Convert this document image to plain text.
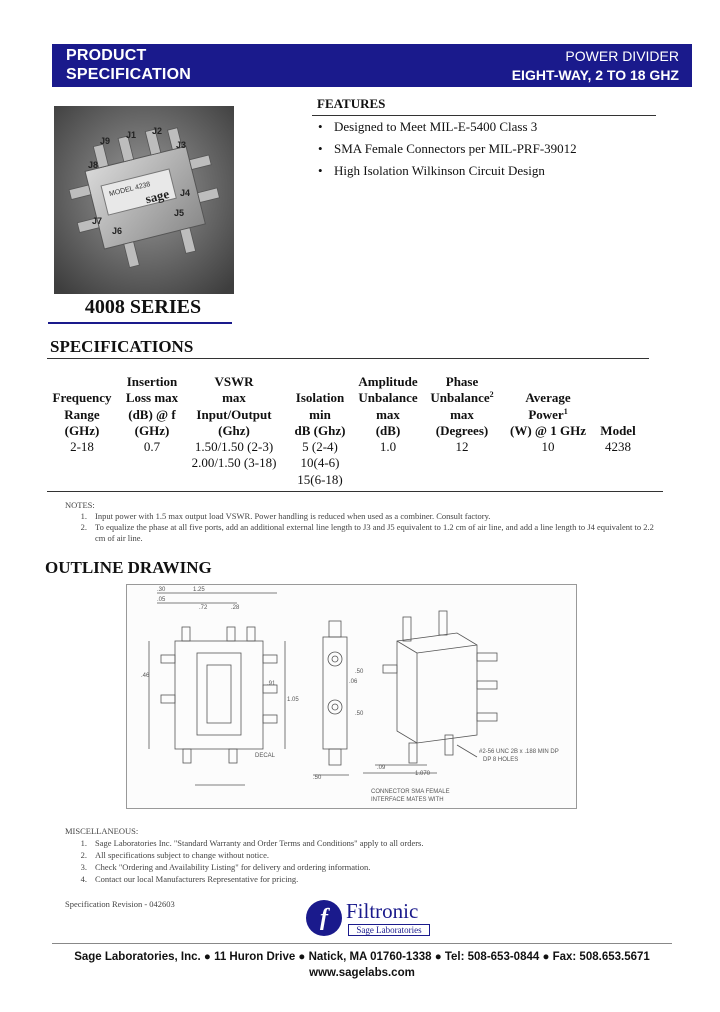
PRODUCT
SPECIFICATION
POWER DIVIDER
EIGHT-WAY, 2 TO 18 GHZ
J9
J1 J2
J3
J8
J4
J7
J6
J5
MODEL 4238
sage
4008 SERIES
FEATURES
• Designed to Meet MIL-E-5400 Class 3
• SMA Female Connectors per MIL-PRF-39012
• High Isolation Wilkinson Circuit Design
SPECIFICATIONS

Frequency
Range
(GHz)
2-18
Insertion
Loss max
(dB) @ f
(GHz)
0.7
VSWR
max
Input/Output
(Ghz)
1.50/1.50 (2-3)
2.00/1.50 (3-18)

Isolation
min
dB (Ghz)
5 (2-4)
10(4-6)
15(6-18)
Amplitude
Unbalance
max
(dB)
1.0
Phase
Unbalance$^2$
max
(Degrees)
12

Average
Power$^1$
(W) @ 1 GHz
10

Model
4238
NOTES:
1. Input power with 1.5 max output load VSWR. Power handling is reduced when used as a combiner. Consult factory.
2. To equalize the phase at all five ports, add an additional external line length to J3 and J5 equivalent to 1.2 cm of air line, and add a line length to J4 equivalent to 2.2 cm of air line.
OUTLINE DRAWING
.30	1.25
.05
.72	.28
.46
.91
1.05
.50
.06
.50
.50
.09
1.070
DECAL
#2-56 UNC 2B x .188 MIN DP
DP 8 HOLES
CONNECTOR SMA FEMALE
INTERFACE MATES WITH
MISCELLANEOUS:
1. Sage Laboratories Inc. "Standard Warranty and Order Terms and Conditions" apply to all orders.
2. All specifications subject to change without notice.
3. Check "Ordering and Availability Listing" for delivery and ordering information.
4. Contact our local Manufacturers Representative for pricing.
Specification Revision - 042603
f Filtronic
Sage Laboratories
Sage Laboratories, Inc. ● 11 Huron Drive ● Natick, MA 01760-1338 ● Tel: 508-653-0844 ● Fax: 508.653.5671
www.sagelabs.com
